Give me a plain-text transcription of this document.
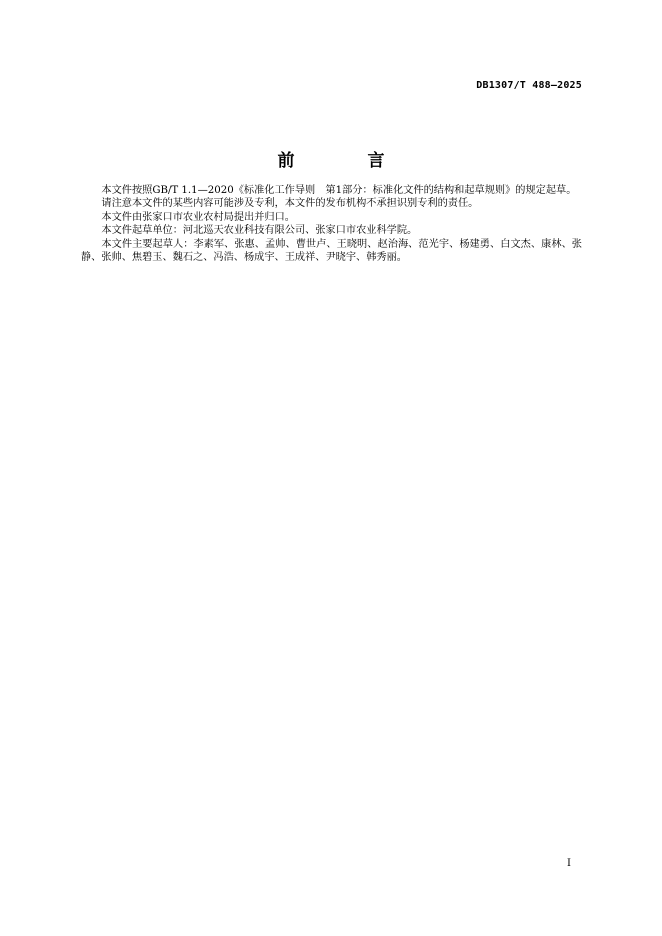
DB1307/T 488—2025
前　言

本文件按照GB/T 1.1—2020《标准化工作导则　第1部分：标准化文件的结构和起草规则》的规定起草。

请注意本文件的某些内容可能涉及专利，本文件的发布机构不承担识别专利的责任。

本文件由张家口市农业农村局提出并归口。

本文件起草单位：河北巡天农业科技有限公司、张家口市农业科学院。

本文件主要起草人：李素军、张惠、孟帅、曹世卢、王晓明、赵治海、范光宇、杨建勇、白文杰、康林、张静、张帅、焦碧玉、魏石之、冯浩、杨成宇、王成祥、尹晓宇、韩秀丽。

I
